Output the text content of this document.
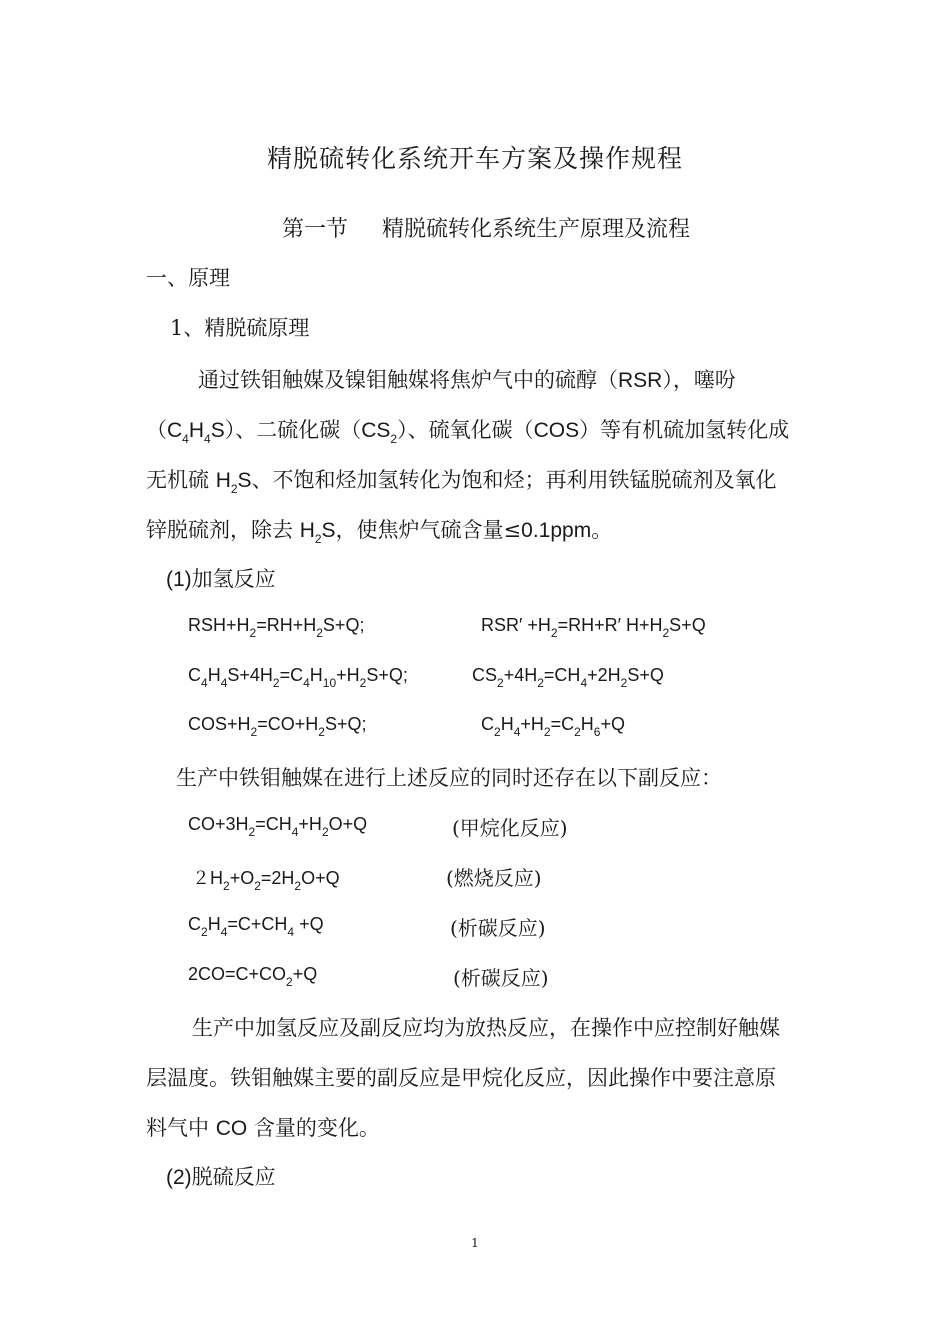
精脱硫转化系统开车方案及操作规程
第一节 精脱硫转化系统生产原理及流程
一、原理
1、精脱硫原理
通过铁钼触媒及镍钼触媒将焦炉气中的硫醇（RSR），噻吩
$(C_4H_4S)$、二硫化碳$(CS_2)$、硫氧化碳（COS）等有机硫加氢转化成
无机硫 $H_2S$、不饱和烃加氢转化为饱和烃；再利用铁锰脱硫剂及氧化
锌脱硫剂，除去 $H_2S$，使焦炉气硫含量≤0.1ppm。
(1)加氢反应
$RSH+H_2=RH+H_2S+Q$;	$RSR' +H_2=RH+R'$ $H+H_2S+Q$
$C_4H_4S+4H_2=C_4H_{10}+H_2S+Q$;	$CS_2+4H_2=CH_4+2H_2S+Q$
$COS+H_2=CO+H_2S+Q$;	$C_2H_4+H_2=C_2H_6+Q$
生产中铁钼触媒在进行上述反应的同时还存在以下副反应：
$CO+3H_2=CH_4+H_2O+Q$	(甲烷化反应)
$2H_2+O_2=2H_2O+Q$	(燃烧反应)
$C_2H_4=C+CH_4 +Q$	(析碳反应)
$2CO=C+CO_2+Q$	(析碳反应)
生产中加氢反应及副反应均为放热反应，在操作中应控制好触媒
层温度。铁钼触媒主要的副反应是甲烷化反应，因此操作中要注意原
料气中 CO 含量的变化。
(2)脱硫反应
1
